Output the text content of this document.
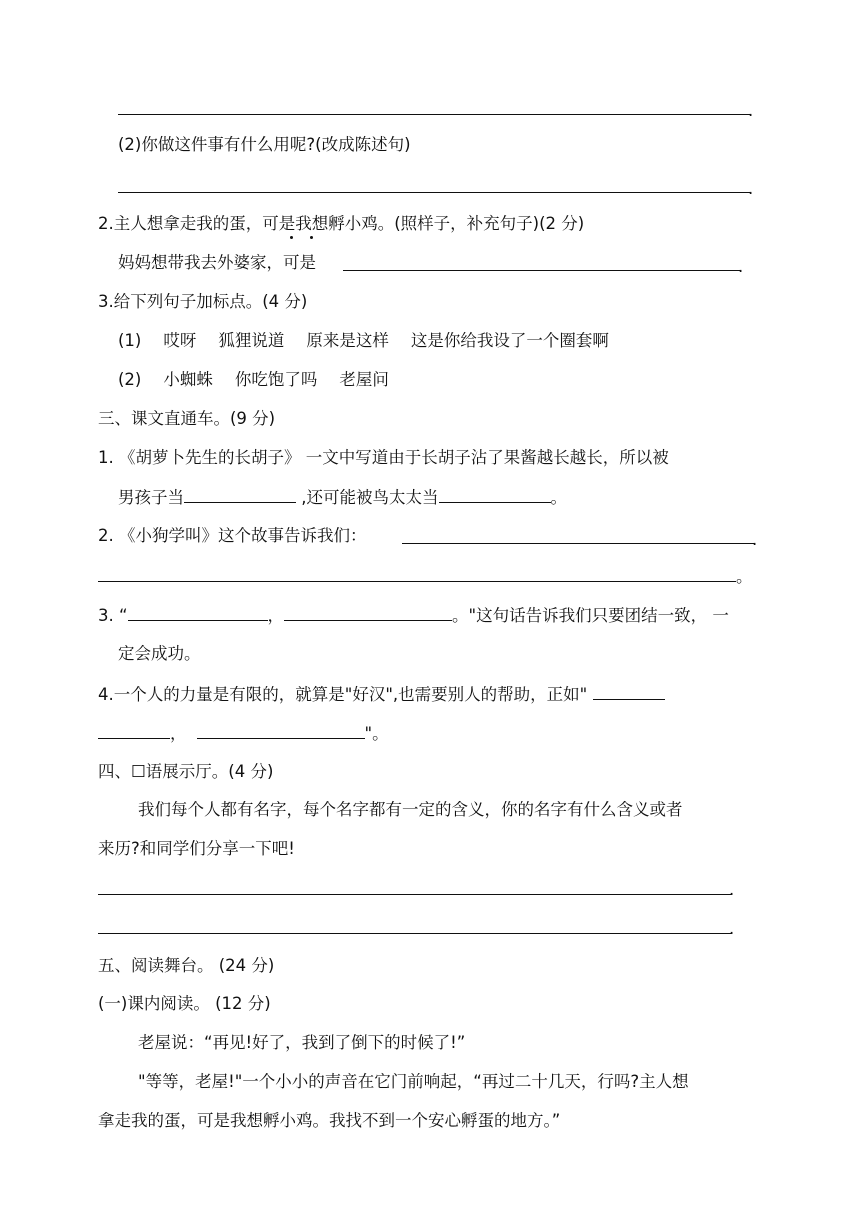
.
(2)你做这件事有什么用呢?(改成陈述句)
.
2.主人想拿走我的蛋，可是我想孵小鸡。(照样子，补充句子)(2 分)
妈妈想带我去外婆家，可是	.
3.给下列句子加标点。(4 分)
(1) 哎呀 狐狸说道 原来是这样 这是你给我设了一个圈套啊
(2) 小蜘蛛 你吃饱了吗 老屋问
三、课文直通车。(9 分)
1. 《胡萝卜先生的长胡子》 一文中写道由于长胡子沾了果酱越长越长，所以被
男孩子当	,还可能被鸟太太当	。
2. 《小狗学叫》这个故事告诉我们：	.
。
3. “	，	。"这句话告诉我们只要团结一致， 一
定会成功。
4.一个人的力量是有限的，就算是"好汉",也需要别人的帮助，正如"
，	"。
四、☐语展示厅。(4 分)
我们每个人都有名字，每个名字都有一定的含义，你的名字有什么含义或者
来历?和同学们分享一下吧!
.
.
五、阅读舞台。 (24 分)
(一)课内阅读。 (12 分)
老屋说：“再见!好了，我到了倒下的时候了!”
"等等，老屋!"一个小小的声音在它门前响起，“再过二十几天，行吗?主人想
拿走我的蛋，可是我想孵小鸡。我找不到一个安心孵蛋的地方。”
